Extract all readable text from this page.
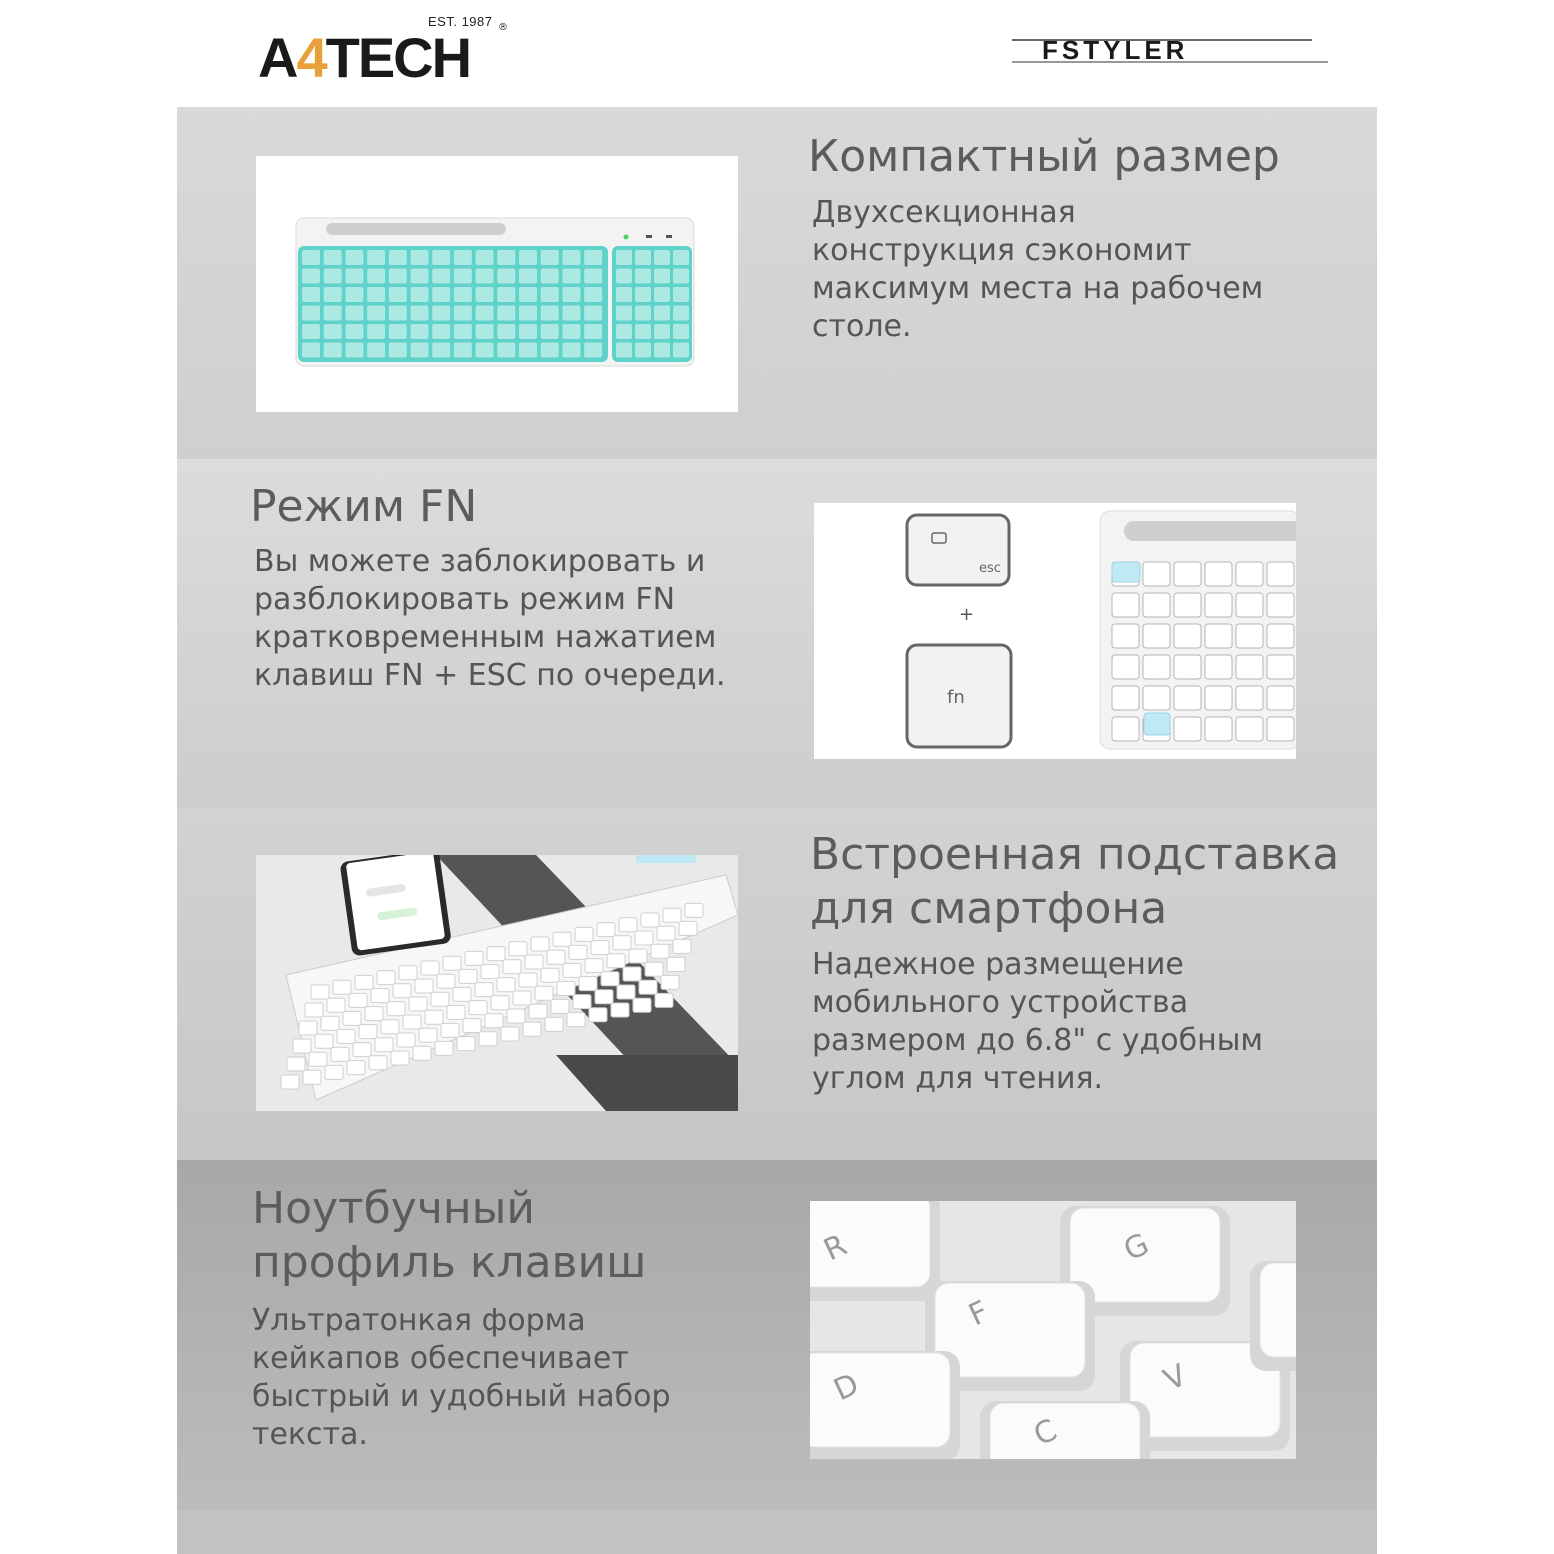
EST. 1987
A4TECH	®
FSTYLER
Компактный размер
Двухсекционная
конструкция сэкономит
максимум места на рабочем
столе.
Режим FN
Вы можете заблокировать и
разблокировать режим FN
кратковременным нажатием
клавиш FN + ESC по очереди.
esc
+
fn
Встроенная подставка
для смартфона
Надежное размещение
мобильного устройства
размером до 6.8" с удобным
углом для чтения.
Ноутбучный
профиль клавиш
Ультратонкая форма
кейкапов обеспечивает
быстрый и удобный набор
текста.
R	G
F
D	V
C
